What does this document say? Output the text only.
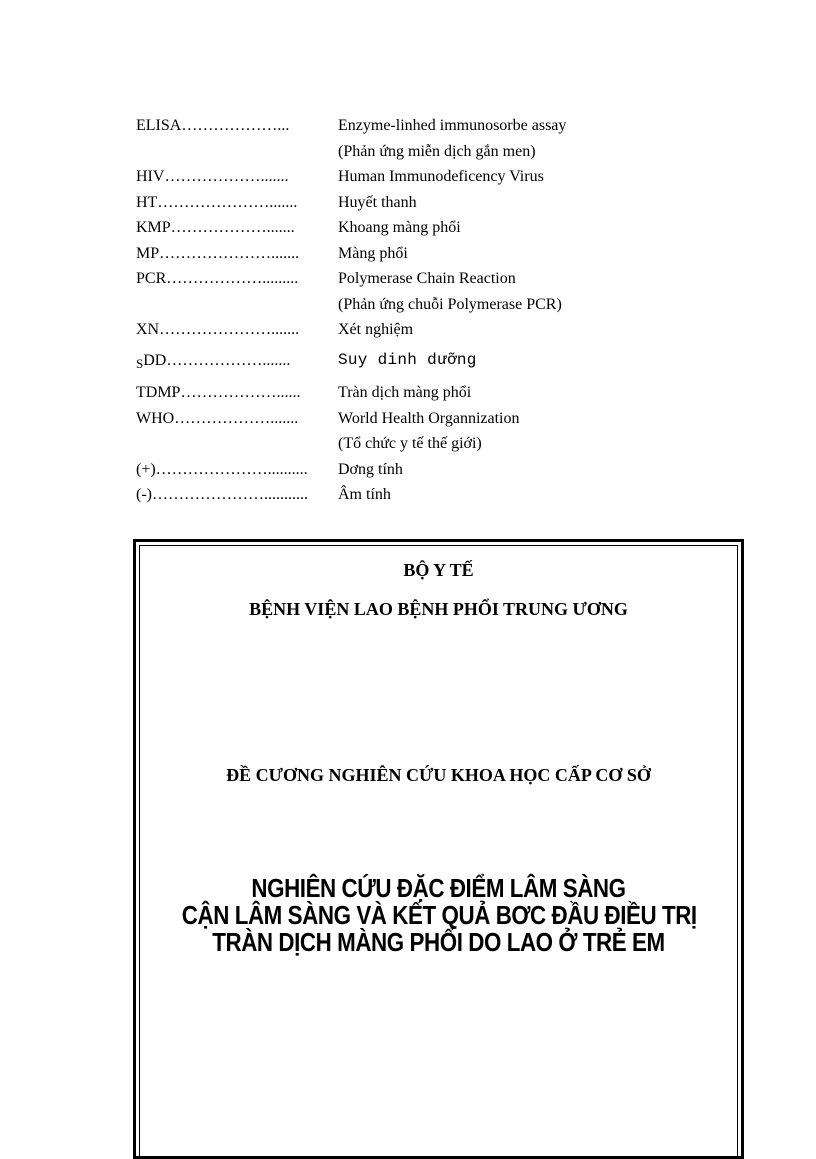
ELISA………………...	Enzyme-linhed immunosorbe assay
(Phản ứng miễn dịch gắn men)
HIV……………….......	Human Immunodeficency Virus
HT………………….......	Huyết thanh
KMP……………….......	Khoang màng phổi
MP………………….......	Màng phổi
PCR……………….........	Polymerase Chain Reaction
(Phản ứng chuỗi Polymerase PCR)
XN………………….......	Xét nghiệm
SDD……………….......	Suy dinh dưỡng
TDMP………………......	Tràn dịch màng phổi
WHO……………….......	World Health Organnization
(Tổ chức y tế thế giới)
(+)…………………..........	Dơng tính
(-)…………………...........	Âm tính
BỘ Y TẾ
BỆNH VIỆN LAO BỆNH PHỔI TRUNG ƯƠNG
ĐỀ CƯƠNG NGHIÊN CỨU KHOA HỌC CẤP CƠ SỞ
NGHIÊN CỨU ĐẶC ĐIỂM LÂM SÀNG
CẬN LÂM SÀNG VÀ KẾT QUẢ BƠC ĐẦU ĐIỀU TRỊ
TRÀN DỊCH MÀNG PHỔI DO LAO Ở TRẺ EM
